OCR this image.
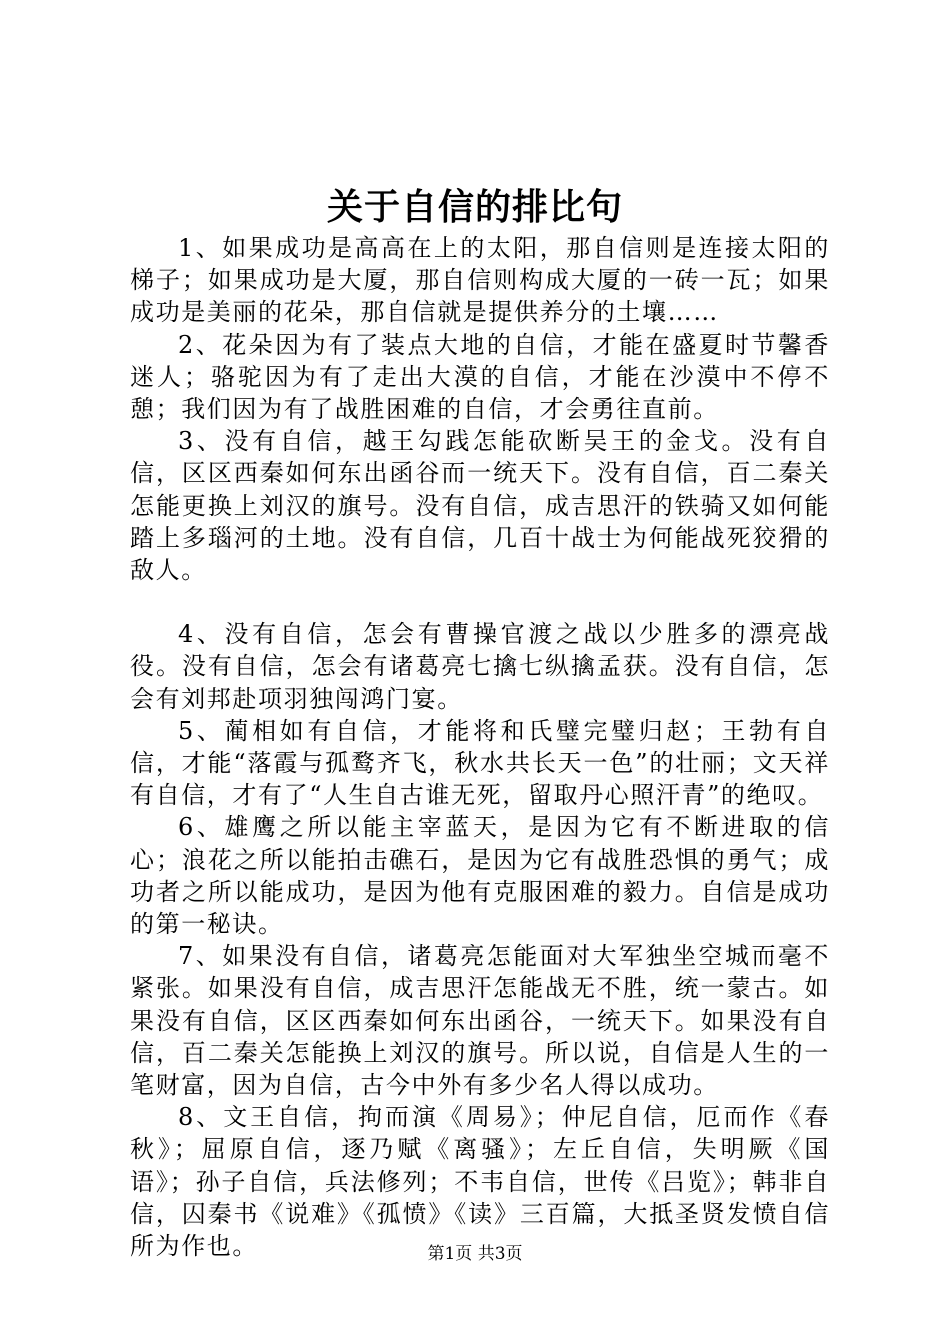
关于自信的排比句

1、如果成功是高高在上的太阳，那自信则是连接太阳的梯子；如果成功是大厦，那自信则构成大厦的一砖一瓦；如果成功是美丽的花朵，那自信就是提供养分的土壤……

2、花朵因为有了装点大地的自信，才能在盛夏时节馨香迷人；骆驼因为有了走出大漠的自信，才能在沙漠中不停不憩；我们因为有了战胜困难的自信，才会勇往直前。

3、没有自信，越王勾践怎能砍断吴王的金戈。没有自信，区区西秦如何东出函谷而一统天下。没有自信，百二秦关怎能更换上刘汉的旗号。没有自信，成吉思汗的铁骑又如何能踏上多瑙河的土地。没有自信，几百十战士为何能战死狡猾的敌人。

4、没有自信，怎会有曹操官渡之战以少胜多的漂亮战役。没有自信，怎会有诸葛亮七擒七纵擒孟获。没有自信，怎会有刘邦赴项羽独闯鸿门宴。

5、蔺相如有自信，才能将和氏璧完璧归赵；王勃有自信，才能“落霞与孤鹜齐飞，秋水共长天一色”的壮丽；文天祥有自信，才有了“人生自古谁无死，留取丹心照汗青”的绝叹。

6、雄鹰之所以能主宰蓝天，是因为它有不断进取的信心；浪花之所以能拍击礁石，是因为它有战胜恐惧的勇气；成功者之所以能成功，是因为他有克服困难的毅力。自信是成功的第一秘诀。

7、如果没有自信，诸葛亮怎能面对大军独坐空城而毫不紧张。如果没有自信，成吉思汗怎能战无不胜，统一蒙古。如果没有自信，区区西秦如何东出函谷，一统天下。如果没有自信，百二秦关怎能换上刘汉的旗号。所以说，自信是人生的一笔财富，因为自信，古今中外有多少名人得以成功。

8、文王自信，拘而演《周易》；仲尼自信，厄而作《春秋》；屈原自信，逐乃赋《离骚》；左丘自信，失明厥《国语》；孙子自信，兵法修列；不韦自信，世传《吕览》；韩非自信，囚秦书《说难》《孤愤》《读》三百篇，大抵圣贤发愤自信所为作也。	第1页 共3页
